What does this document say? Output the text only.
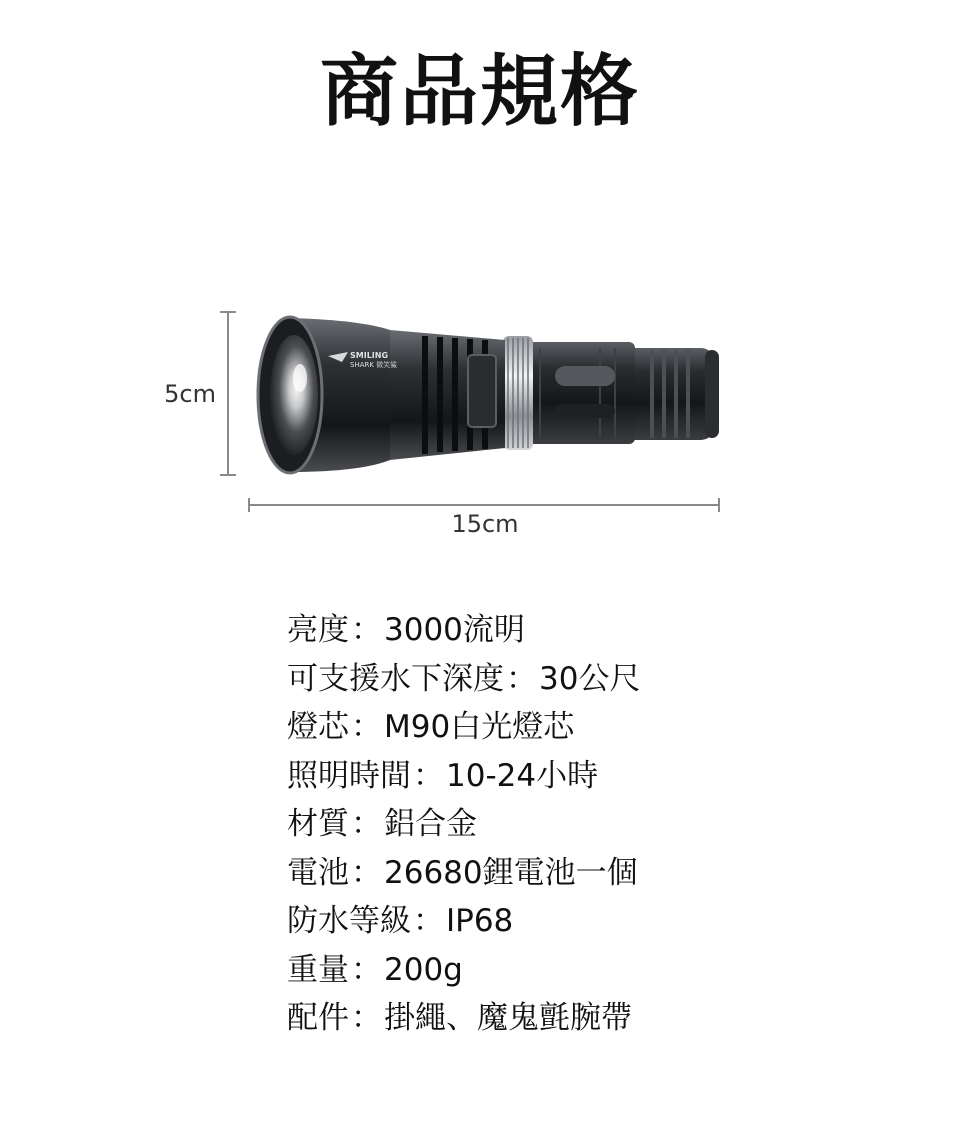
商品規格
SMILING
SHARK 微笑鯊
5cm
15cm
亮度：3000流明
可支援水下深度：30公尺
燈芯：M90白光燈芯
照明時間：10-24小時
材質：鋁合金
電池：26680鋰電池一個
防水等級：IP68
重量：200g
配件：掛繩、魔鬼氈腕帶
